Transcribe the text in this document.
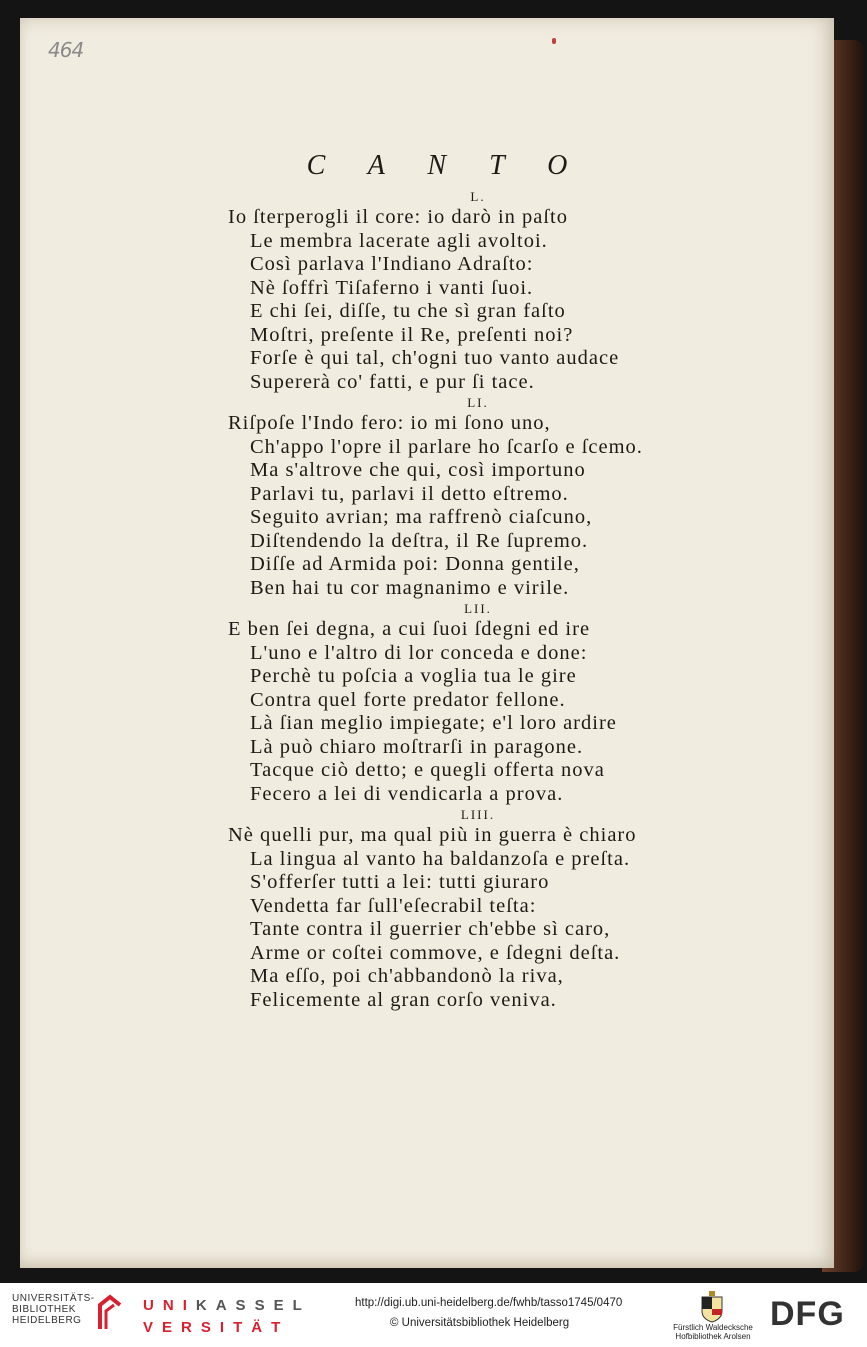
464
C A N T O
L.
Io ſterperogli il core: io darò in paſto
Le membra lacerate agli avoltoi.
Così parlava l'Indiano Adraſto:
Nè ſoffrì Tiſaferno i vanti ſuoi.
E chi ſei, diſſe, tu che sì gran faſto
Moſtri, preſente il Re, preſenti noi?
Forſe è qui tal, ch'ogni tuo vanto audace
Supererà co' fatti, e pur ſi tace.
LI.
Riſpoſe l'Indo fero: io mi ſono uno,
Ch'appo l'opre il parlare ho ſcarſo e ſcemo.
Ma s'altrove che qui, così importuno
Parlavi tu, parlavi il detto eſtremo.
Seguito avrian; ma raffrenò ciaſcuno,
Diſtendendo la deſtra, il Re ſupremo.
Diſſe ad Armida poi: Donna gentile,
Ben hai tu cor magnanimo e virile.
LII.
E ben ſei degna, a cui ſuoi ſdegni ed ire
L'uno e l'altro di lor conceda e done:
Perchè tu poſcia a voglia tua le gire
Contra quel forte predator fellone.
Là ſian meglio impiegate; e'l loro ardire
Là può chiaro moſtrarſi in paragone.
Tacque ciò detto; e quegli offerta nova
Fecero a lei di vendicarla a prova.
LIII.
Nè quelli pur, ma qual più in guerra è chiaro
La lingua al vanto ha baldanzoſa e preſta.
S'offerſer tutti a lei: tutti giuraro
Vendetta far ſull'eſecrabil teſta:
Tante contra il guerrier ch'ebbe sì caro,
Arme or coſtei commove, e ſdegni deſta.
Ma eſſo, poi ch'abbandonò la riva,
Felicemente al gran corſo veniva.
UNIVERSITÄTS-
BIBLIOTHEK
HEIDELBERG
UNIKASSEL
VERSITÄT
http://digi.ub.uni-heidelberg.de/fwhb/tasso1745/0470
© Universitätsbibliothek Heidelberg	Fürstlich Waldecksche
Hofbibliothek Arolsen
DFG
